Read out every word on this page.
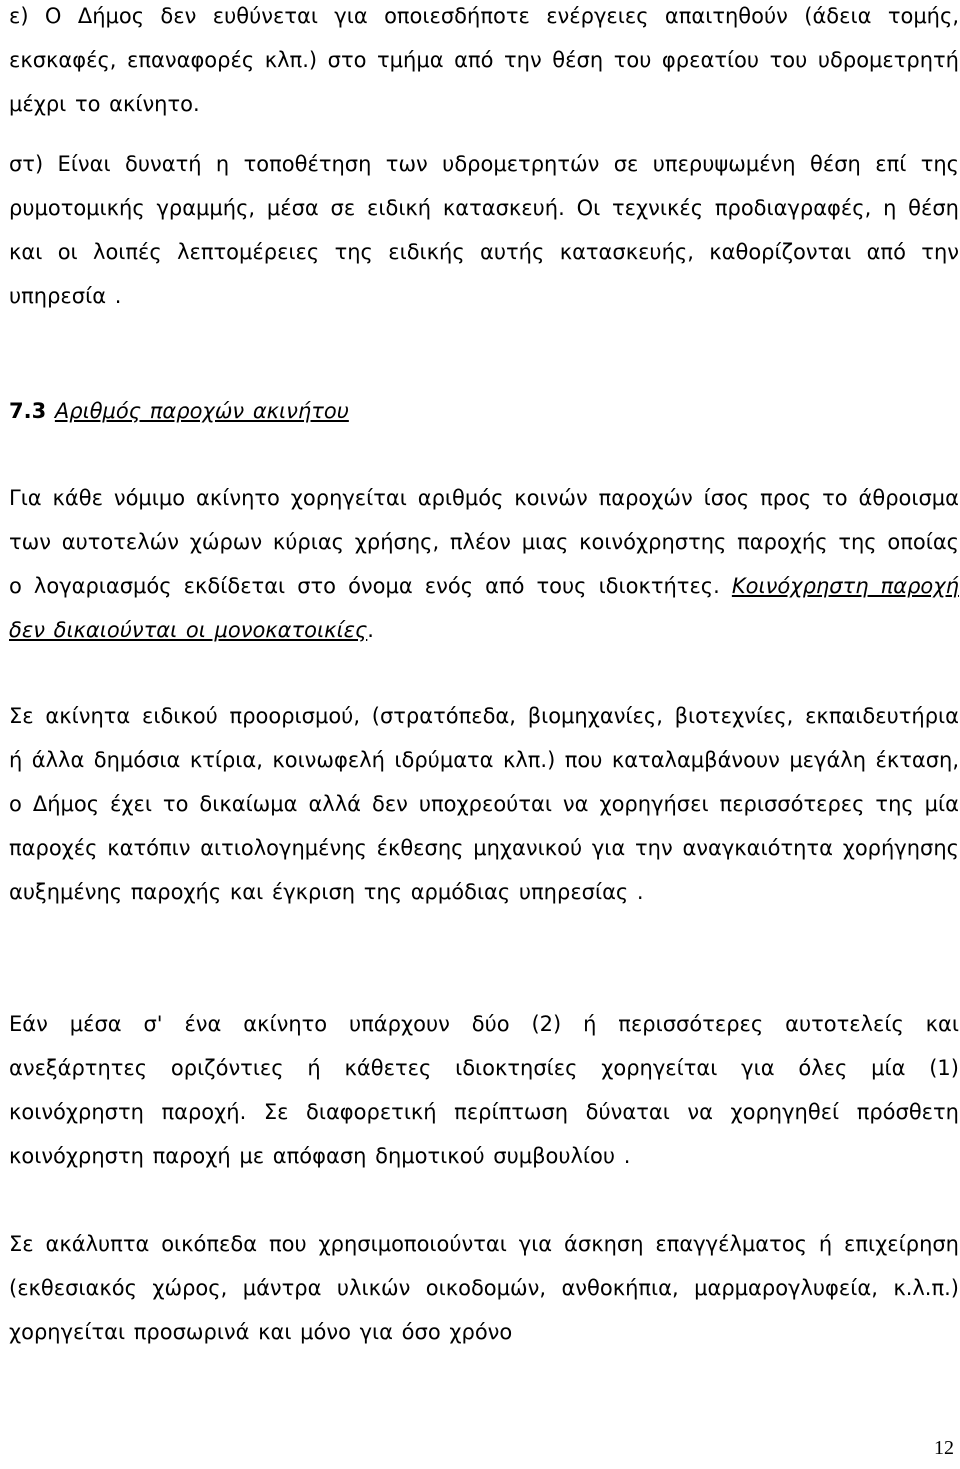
ε) Ο Δήμος δεν ευθύνεται για οποιεσδήποτε ενέργειες απαιτηθούν (άδεια τομής, εκσκαφές, επαναφορές κλπ.) στο τμήμα από την θέση του φρεατίου του υδρομετρητή μέχρι το ακίνητο.

στ) Είναι δυνατή η τοποθέτηση των υδρομετρητών σε υπερυψωμένη θέση επί της ρυμοτομικής γραμμής, μέσα σε ειδική κατασκευή. Οι τεχνικές προδιαγραφές, η θέση και οι λοιπές λεπτομέρειες της ειδικής αυτής κατασκευής, καθορίζονται από την υπηρεσία .

7.3 Αριθμός παροχών ακινήτου

Για κάθε νόμιμο ακίνητο χορηγείται αριθμός κοινών παροχών ίσος προς το άθροισμα των αυτοτελών χώρων κύριας χρήσης, πλέον μιας κοινόχρηστης παροχής της οποίας ο λογαριασμός εκδίδεται στο όνομα ενός από τους ιδιοκτήτες. Κοινόχρηστη παροχή δεν δικαιούνται οι μονοκατοικίες.

Σε ακίνητα ειδικού προορισμού, (στρατόπεδα, βιομηχανίες, βιοτεχνίες, εκπαιδευτήρια ή άλλα δημόσια κτίρια, κοινωφελή ιδρύματα κλπ.) που καταλαμβάνουν μεγάλη έκταση, ο Δήμος έχει το δικαίωμα αλλά δεν υποχρεούται να χορηγήσει περισσότερες της μία παροχές κατόπιν αιτιολογημένης έκθεσης μηχανικού για την αναγκαιότητα χορήγησης αυξημένης παροχής και έγκριση της αρμόδιας υπηρεσίας .

Εάν μέσα σ' ένα ακίνητο υπάρχουν δύο (2) ή περισσότερες αυτοτελείς και ανεξάρτητες οριζόντιες ή κάθετες ιδιοκτησίες χορηγείται για όλες μία (1) κοινόχρηστη παροχή. Σε διαφορετική περίπτωση δύναται να χορηγηθεί πρόσθετη κοινόχρηστη παροχή με απόφαση δημοτικού συμβουλίου .

Σε ακάλυπτα οικόπεδα που χρησιμοποιούνται για άσκηση επαγγέλματος ή επιχείρηση (εκθεσιακός χώρος, μάντρα υλικών οικοδομών, ανθοκήπια, μαρμαρογλυφεία, κ.λ.π.) χορηγείται προσωρινά και μόνο για όσο χρόνο

12
